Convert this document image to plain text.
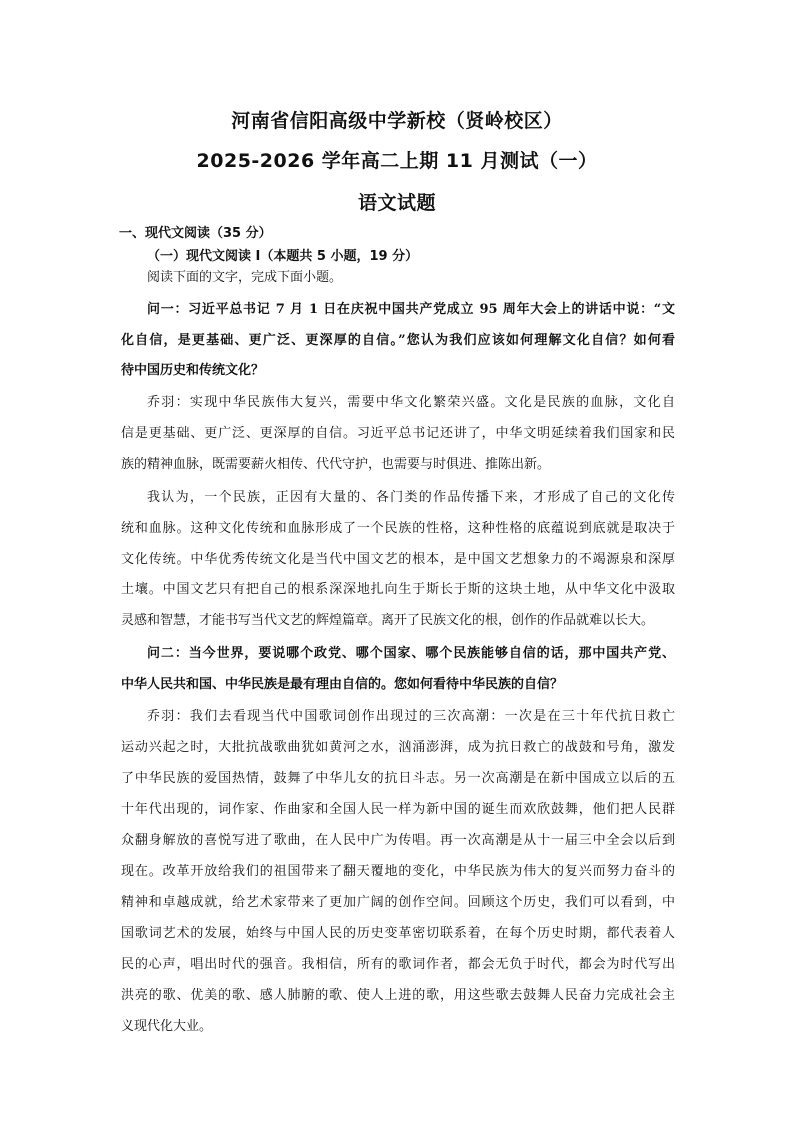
河南省信阳高级中学新校（贤岭校区）
2025-2026 学年高二上期 11 月测试（一）
语文试题
一、现代文阅读（35 分）
（一）现代文阅读 I（本题共 5 小题，19 分）
阅读下面的文字，完成下面小题。
问一：习近平总书记 7 月 1 日在庆祝中国共产党成立 95 周年大会上的讲话中说：“文
化自信，是更基础、更广泛、更深厚的自信。”您认为我们应该如何理解文化自信？如何看
待中国历史和传统文化？
乔羽：实现中华民族伟大复兴，需要中华文化繁荣兴盛。文化是民族的血脉，文化自
信是更基础、更广泛、更深厚的自信。习近平总书记还讲了，中华文明延续着我们国家和民
族的精神血脉，既需要薪火相传、代代守护，也需要与时俱进、推陈出新。
我认为，一个民族，正因有大量的、各门类的作品传播下来，才形成了自己的文化传
统和血脉。这种文化传统和血脉形成了一个民族的性格，这种性格的底蕴说到底就是取决于
文化传统。中华优秀传统文化是当代中国文艺的根本，是中国文艺想象力的不竭源泉和深厚
土壤。中国文艺只有把自己的根系深深地扎向生于斯长于斯的这块土地，从中华文化中汲取
灵感和智慧，才能书写当代文艺的辉煌篇章。离开了民族文化的根，创作的作品就难以长大。
问二：当今世界，要说哪个政党、哪个国家、哪个民族能够自信的话，那中国共产党、
中华人民共和国、中华民族是最有理由自信的。您如何看待中华民族的自信？
乔羽：我们去看现当代中国歌词创作出现过的三次高潮：一次是在三十年代抗日救亡
运动兴起之时，大批抗战歌曲犹如黄河之水，汹涌澎湃，成为抗日救亡的战鼓和号角，激发
了中华民族的爱国热情，鼓舞了中华儿女的抗日斗志。另一次高潮是在新中国成立以后的五
十年代出现的，词作家、作曲家和全国人民一样为新中国的诞生而欢欣鼓舞，他们把人民群
众翻身解放的喜悦写进了歌曲，在人民中广为传唱。再一次高潮是从十一届三中全会以后到
现在。改革开放给我们的祖国带来了翻天覆地的变化，中华民族为伟大的复兴而努力奋斗的
精神和卓越成就，给艺术家带来了更加广阔的创作空间。回顾这个历史，我们可以看到，中
国歌词艺术的发展，始终与中国人民的历史变革密切联系着，在每个历史时期，都代表着人
民的心声，唱出时代的强音。我相信，所有的歌词作者，都会无负于时代，都会为时代写出
洪亮的歌、优美的歌、感人肺腑的歌、使人上进的歌，用这些歌去鼓舞人民奋力完成社会主
义现代化大业。
